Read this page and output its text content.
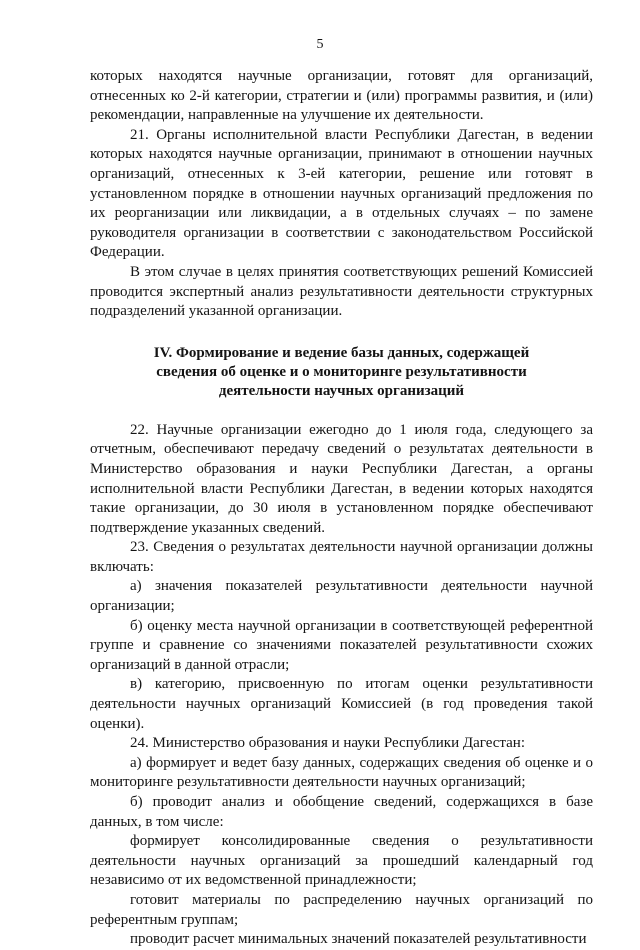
5

которых находятся научные организации, готовят для организаций, отнесенных ко 2-й категории, стратегии и (или) программы развития, и (или) рекомендации, направленные на улучшение их деятельности.

21. Органы исполнительной власти Республики Дагестан, в ведении которых находятся научные организации, принимают в отношении научных организаций, отнесенных к 3-ей категории, решение или готовят в установленном порядке в отношении научных организаций предложения по их реорганизации или ликвидации, а в отдельных случаях – по замене руководителя организации в соответствии с законодательством Российской Федерации.

В этом случае в целях принятия соответствующих решений Комиссией проводится экспертный анализ результативности деятельности структурных подразделений указанной организации.

IV. Формирование и ведение базы данных, содержащей
сведения об оценке и о мониторинге результативности
деятельности научных организаций

22. Научные организации ежегодно до 1 июля года, следующего за отчетным, обеспечивают передачу сведений о результатах деятельности в Министерство образования и науки Республики Дагестан, а органы исполнительной власти Республики Дагестан, в ведении которых находятся такие организации, до 30 июля в установленном порядке обеспечивают подтверждение указанных сведений.

23. Сведения о результатах деятельности научной организации должны включать:

а) значения показателей результативности деятельности научной организации;

б) оценку места научной организации в соответствующей референтной группе и сравнение со значениями показателей результативности схожих организаций в данной отрасли;

в) категорию, присвоенную по итогам оценки результативности деятельности научных организаций Комиссией (в год проведения такой оценки).

24. Министерство образования и науки Республики Дагестан:

а) формирует и ведет базу данных, содержащих сведения об оценке и о мониторинге результативности деятельности научных организаций;

б) проводит анализ и обобщение сведений, содержащихся в базе данных, в том числе:

формирует консолидированные сведения о результативности деятельности научных организаций за прошедший календарный год независимо от их ведомственной принадлежности;

готовит материалы по распределению научных организаций по референтным группам;

проводит расчет минимальных значений показателей результативности
